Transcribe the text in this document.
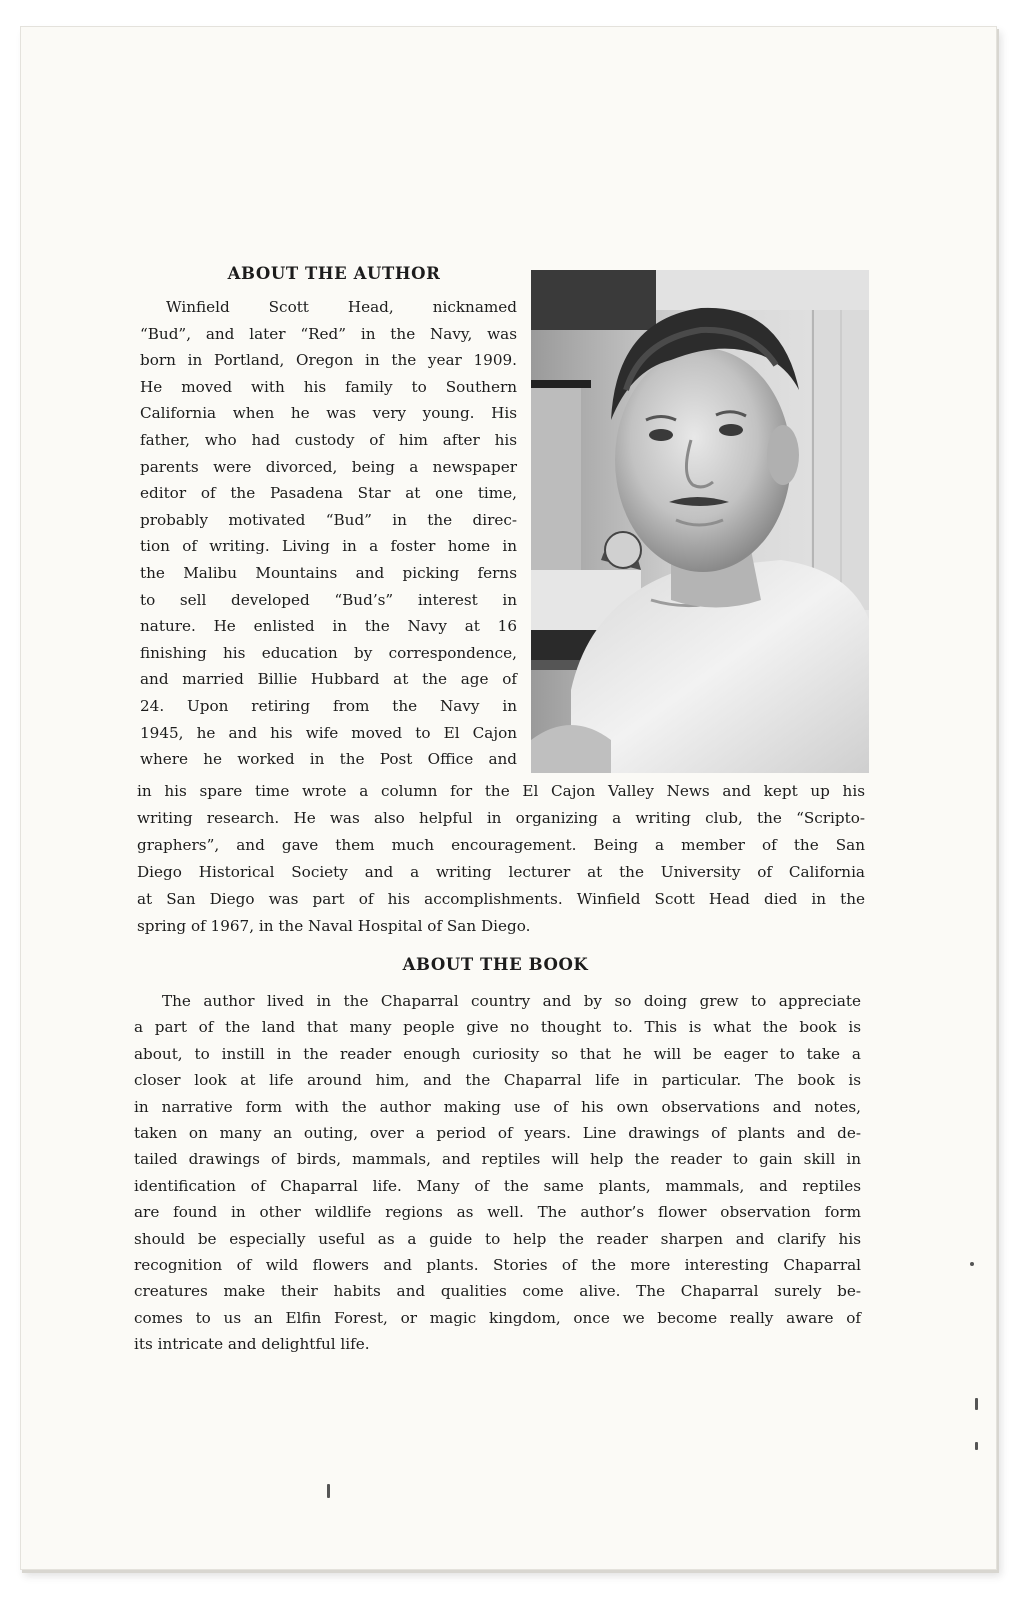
ABOUT THE AUTHOR

Winfield Scott Head, nicknamed
“Bud”, and later “Red” in the Navy, was
born in Portland, Oregon in the year 1909.
He moved with his family to Southern
California when he was very young. His
father, who had custody of him after his
parents were divorced, being a newspaper
editor of the Pasadena Star at one time,
probably motivated “Bud” in the direc-
tion of writing. Living in a foster home in
the Malibu Mountains and picking ferns
to sell developed “Bud’s” interest in
nature. He enlisted in the Navy at 16
finishing his education by correspondence,
and married Billie Hubbard at the age of
24. Upon retiring from the Navy in
1945, he and his wife moved to El Cajon
where he worked in the Post Office and

in his spare time wrote a column for the El Cajon Valley News and kept up his
writing research. He was also helpful in organizing a writing club, the “Scripto-
graphers”, and gave them much encouragement. Being a member of the San
Diego Historical Society and a writing lecturer at the University of California
at San Diego was part of his accomplishments. Winfield Scott Head died in the
spring of 1967, in the Naval Hospital of San Diego.
ABOUT THE BOOK
The author lived in the Chaparral country and by so doing grew to appreciate
a part of the land that many people give no thought to. This is what the book is
about, to instill in the reader enough curiosity so that he will be eager to take a
closer look at life around him, and the Chaparral life in particular. The book is
in narrative form with the author making use of his own observations and notes,
taken on many an outing, over a period of years. Line drawings of plants and de-
tailed drawings of birds, mammals, and reptiles will help the reader to gain skill in
identification of Chaparral life. Many of the same plants, mammals, and reptiles
are found in other wildlife regions as well. The author’s flower observation form
should be especially useful as a guide to help the reader sharpen and clarify his
recognition of wild flowers and plants. Stories of the more interesting Chaparral
creatures make their habits and qualities come alive. The Chaparral surely be-
comes to us an Elfin Forest, or magic kingdom, once we become really aware of
its intricate and delightful life.
